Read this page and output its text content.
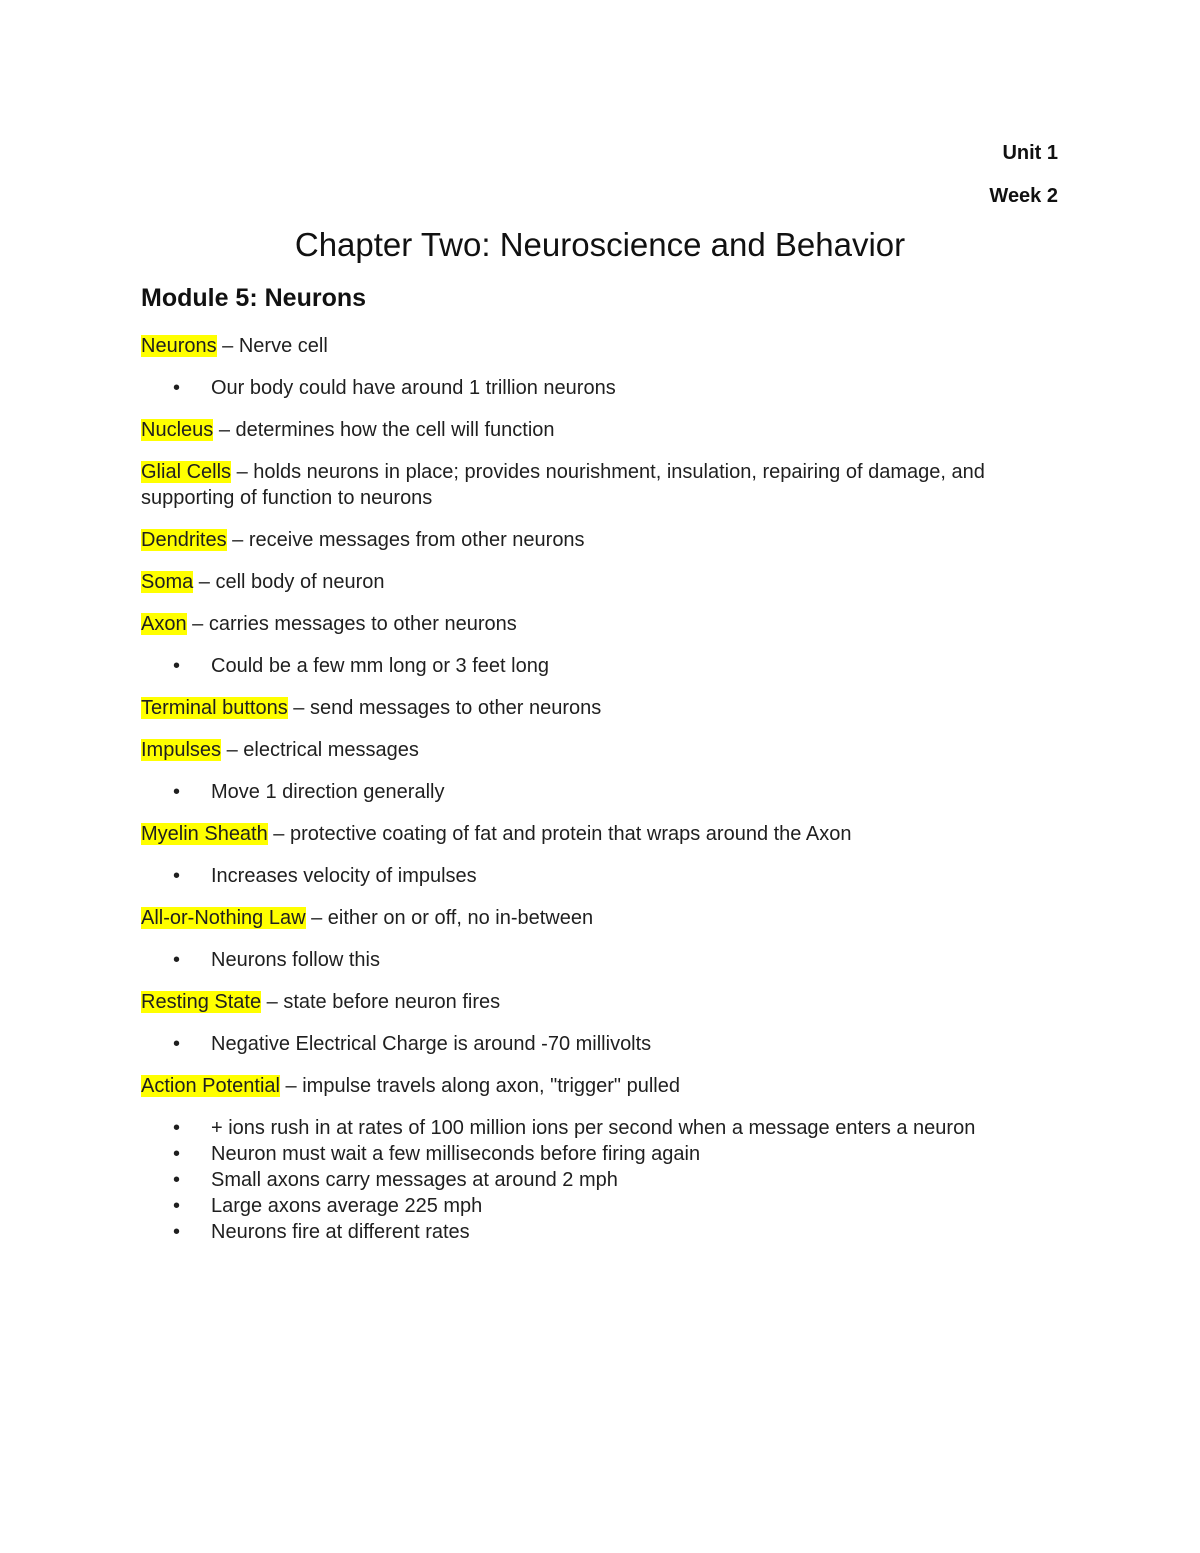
Unit 1
Week 2
Chapter Two: Neuroscience and Behavior
Module 5: Neurons
Neurons – Nerve cell
• Our body could have around 1 trillion neurons
Nucleus – determines how the cell will function
Glial Cells – holds neurons in place; provides nourishment, insulation, repairing of damage, and supporting of function to neurons
Dendrites – receive messages from other neurons
Soma – cell body of neuron
Axon – carries messages to other neurons
• Could be a few mm long or 3 feet long
Terminal buttons – send messages to other neurons
Impulses – electrical messages
• Move 1 direction generally
Myelin Sheath – protective coating of fat and protein that wraps around the Axon
• Increases velocity of impulses
All-or-Nothing Law – either on or off, no in-between
• Neurons follow this
Resting State – state before neuron fires
• Negative Electrical Charge is around -70 millivolts
Action Potential – impulse travels along axon, "trigger" pulled
• + ions rush in at rates of 100 million ions per second when a message enters a neuron
• Neuron must wait a few milliseconds before firing again
• Small axons carry messages at around 2 mph
• Large axons average 225 mph
• Neurons fire at different rates
